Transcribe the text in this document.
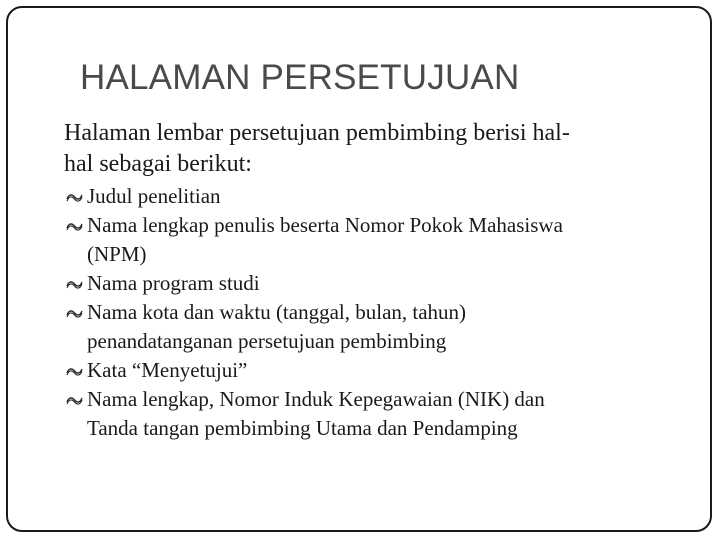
HALAMAN PERSETUJUAN

Halaman lembar persetujuan pembimbing berisi hal-
hal sebagai berikut:

Judul penelitian
Nama lengkap penulis beserta Nomor Pokok Mahasiswa
(NPM)
Nama program studi
Nama kota dan waktu (tanggal, bulan, tahun)
penandatanganan persetujuan pembimbing
Kata “Menyetujui”
Nama lengkap, Nomor Induk Kepegawaian (NIK) dan
Tanda tangan pembimbing Utama dan Pendamping
